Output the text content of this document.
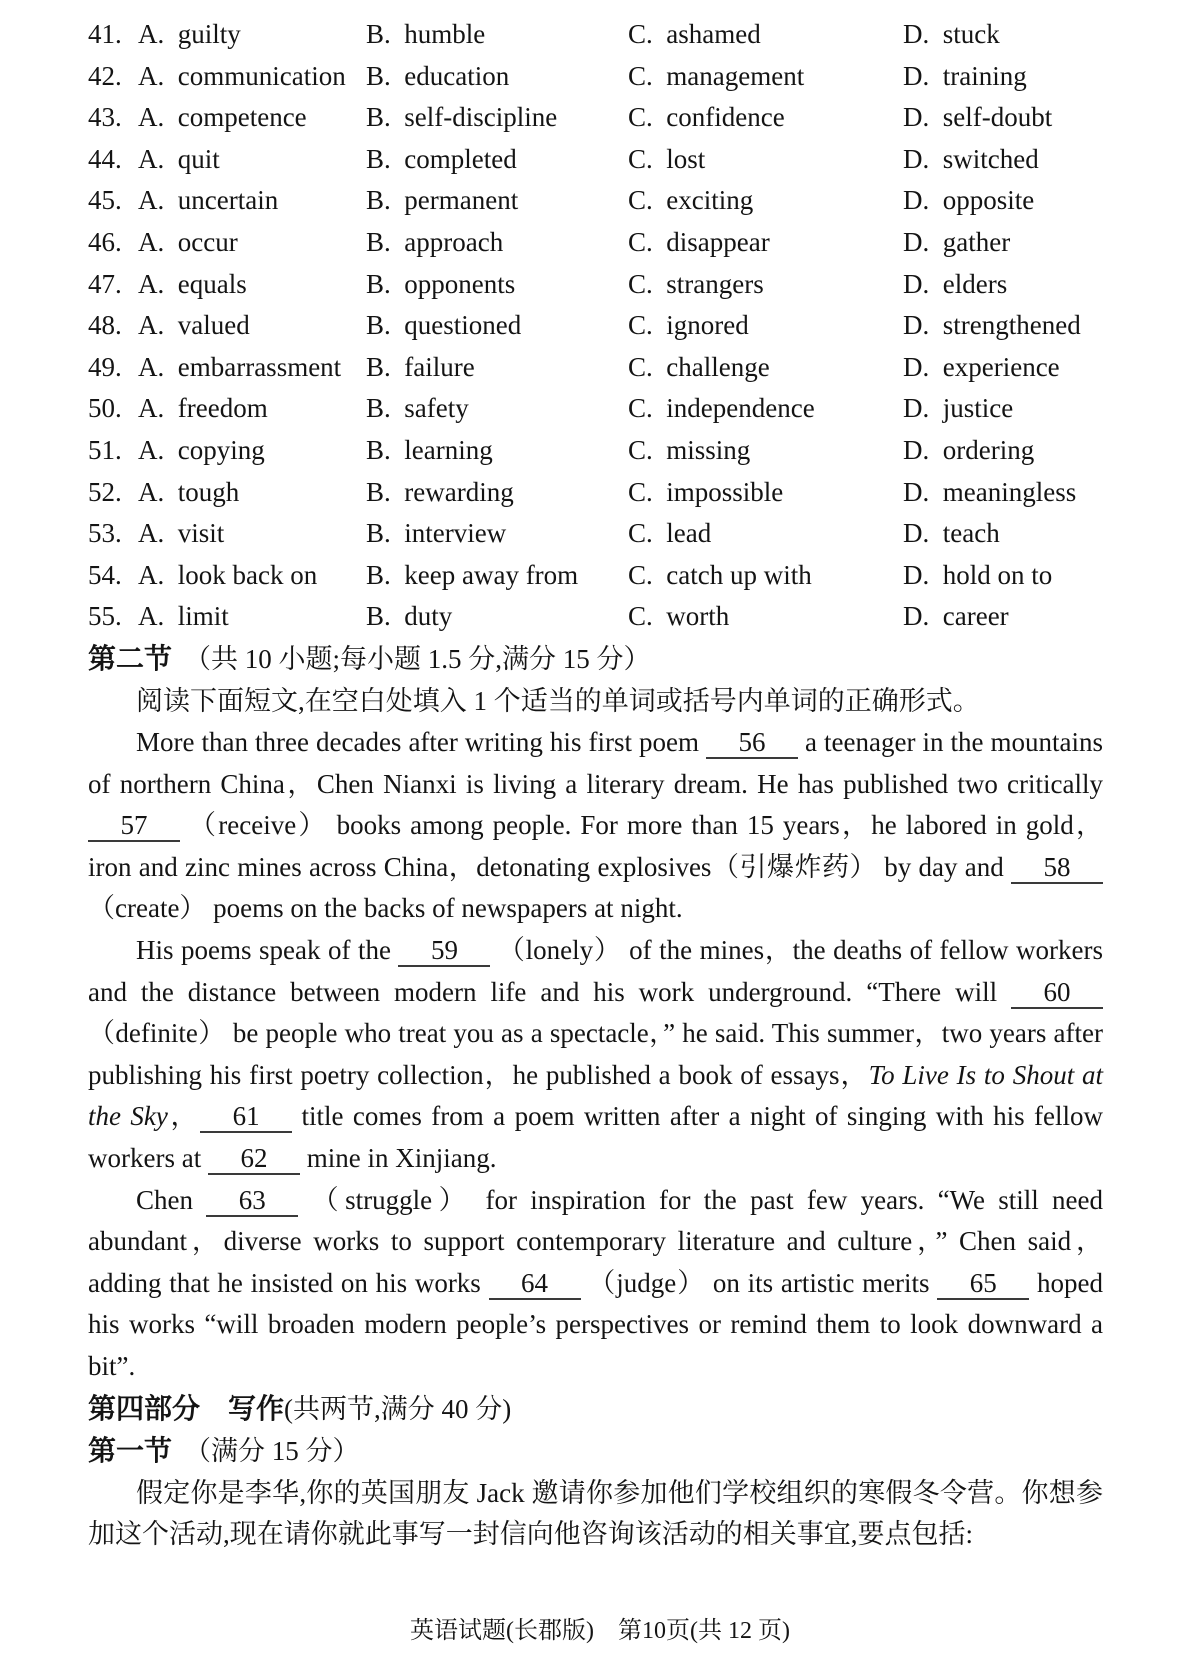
41. A.  guilty	B.  humble	C.  ashamed	D.  stuck
42. A.  communication B.  education	C.  management	D.  training
43. A.  competence	B.  self-discipline	C.  confidence	D.  self-doubt
44. A.  quit	B.  completed	C.  lost	D.  switched
45. A.  uncertain	B.  permanent	C.  exciting	D.  opposite
46. A.  occur	B.  approach	C.  disappear	D.  gather
47. A.  equals	B.  opponents	C.  strangers	D.  elders
48. A.  valued	B.  questioned	C.  ignored	D.  strengthened
49. A.  embarrassment B.  failure	C.  challenge	D.  experience
50. A.  freedom	B.  safety	C.  independence	D.  justice
51. A.  copying	B.  learning	C.  missing	D.  ordering
52. A.  tough	B.  rewarding	C.  impossible	D.  meaningless
53. A.  visit	B.  interview	C.  lead	D.  teach
54. A.  look back on	B.  keep away from	C.  catch up with	D.  hold on to
55. A.  limit	B.  duty	C.  worth	D.  career
第二节 （共 10 小题;每小题 1.5 分,满分 15 分）

阅读下面短文,在空白处填入 1 个适当的单词或括号内单词的正确形式。

More than three decades after writing his first poem 56 a teenager in the mountains of northern China，Chen Nianxi is living a literary dream. He has published two critically 57 （receive） books among people. For more than 15 years，he labored in gold，iron and zinc mines across China，detonating explosives（引爆炸药） by day and 58 （create） poems on the backs of newspapers at night.

His poems speak of the 59 （lonely） of the mines，the deaths of fellow workers and the distance between modern life and his work underground. “There will 60 （definite） be people who treat you as a spectacle，” he said. This summer，two years after publishing his first poetry collection，he published a book of essays，To Live Is to Shout at the Sky， 61 title comes from a poem written after a night of singing with his fellow workers at 62 mine in Xinjiang.

Chen 63 （struggle） for inspiration for the past few years. “We still need abundant，diverse works to support contemporary literature and culture，” Chen said，adding that he insisted on his works 64 （judge） on its artistic merits 65 hoped his works “will broaden modern people’s perspectives or remind them to look downward a bit”.

第四部分　写作(共两节,满分 40 分)
第一节 （满分 15 分）

假定你是李华,你的英国朋友 Jack 邀请你参加他们学校组织的寒假冬令营。你想参加这个活动,现在请你就此事写一封信向他咨询该活动的相关事宜,要点包括:

英语试题(长郡版)　第10页(共 12 页)
